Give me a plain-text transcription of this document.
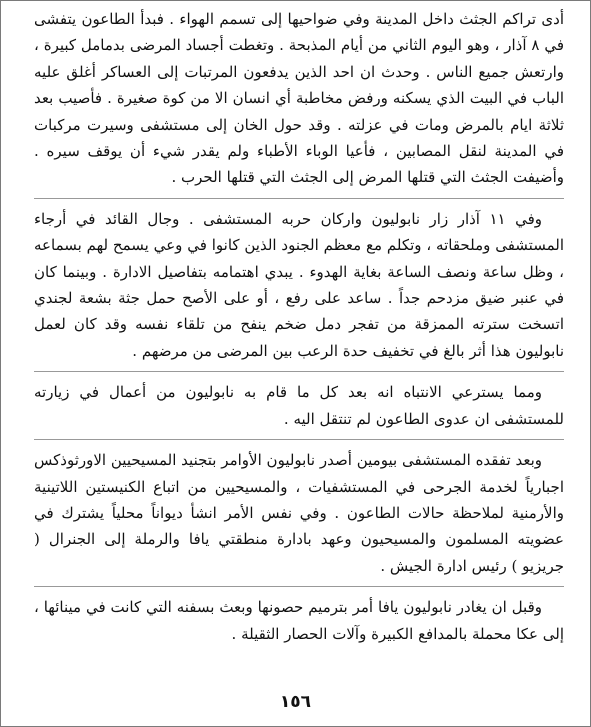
أدى تراكم الجثث داخل المدينة وفي ضواحيها إلى تسمم الهواء . فبدأ الطاعون يتفشى في ٨ آذار ، وهو اليوم الثاني من أيام المذبحة . وتغطت أجساد المرضى بدمامل كبيرة ، وارتعش جميع الناس . وحدث ان احد الذين يدفعون المرتبات إلى العساكر أغلق عليه الباب في البيت الذي يسكنه ورفض مخاطبة أي انسان الا من كوة صغيرة . فأصيب بعد ثلاثة ايام بالمرض ومات في عزلته . وقد حول الخان إلى مستشفى وسيرت مركبات في المدينة لنقل المصابين ، فأعيا الوباء الأطباء ولم يقدر شيء أن يوقف سيره . وأضيفت الجثث التي قتلها المرض إلى الجثث التي قتلها الحرب .

وفي ١١ آذار زار نابوليون واركان حربه المستشفى . وجال القائد في أرجاء المستشفى وملحقاته ، وتكلم مع معظم الجنود الذين كانوا في وعي يسمح لهم بسماعه ، وظل ساعة ونصف الساعة بغاية الهدوء . يبدي اهتمامه بتفاصيل الادارة . وبينما كان في عنبر ضيق مزدحم جداً . ساعد على رفع ، أو على الأصح حمل جثة بشعة لجندي اتسخت سترته الممزقة من تفجر دمل ضخم ينفح من تلقاء نفسه وقد كان لعمل نابوليون هذا أثر بالغ في تخفيف حدة الرعب بين المرضى من مرضهم .

ومما يسترعي الانتباه انه بعد كل ما قام به نابوليون من أعمال في زيارته للمستشفى ان عدوى الطاعون لم تنتقل اليه .

وبعد تفقده المستشفى بيومين أصدر نابوليون الأوامر بتجنيد المسيحيين الاورثوذكس اجبارياً لخدمة الجرحى في المستشفيات ، والمسيحيين من اتباع الكنيستين اللاتينية والأرمنية لملاحظة حالات الطاعون . وفي نفس الأمر انشأ ديواناً محلياً يشترك في عضويته المسلمون والمسيحيون وعهد بادارة منطقتي يافا والرملة إلى الجنرال ( جريزيو ) رئيس ادارة الجيش .

وقبل ان يغادر نابوليون يافا أمر بترميم حصونها وبعث بسفنه التي كانت في مينائها ، إلى عكا محملة بالمدافع الكبيرة وآلات الحصار الثقيلة .

١٥٦
